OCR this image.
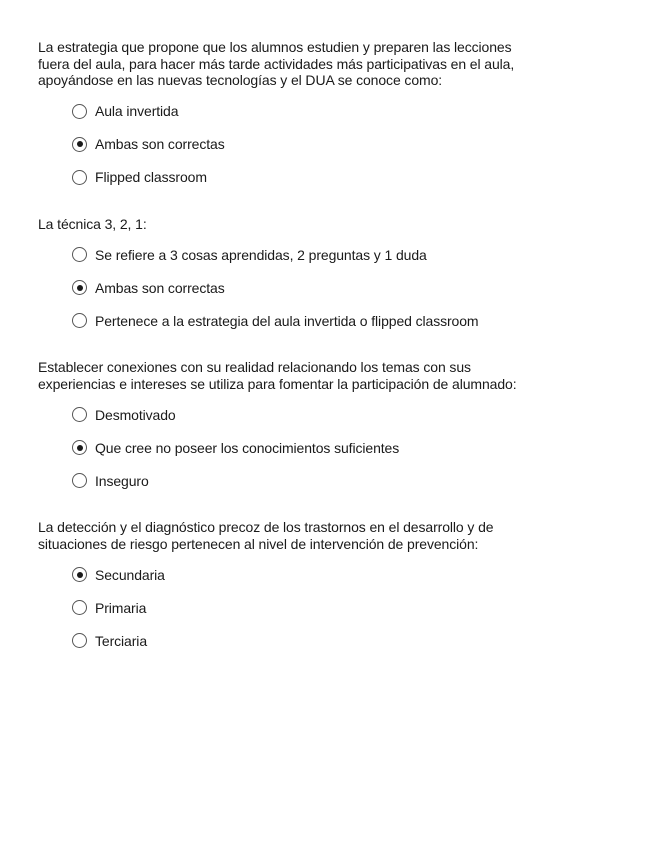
La estrategia que propone que los alumnos estudien y preparen las lecciones
fuera del aula, para hacer más tarde actividades más participativas en el aula,
apoyándose en las nuevas tecnologías y el DUA se conoce como:

Aula invertida
Ambas son correctas
Flipped classroom

La técnica 3, 2, 1:

Se refiere a 3 cosas aprendidas, 2 preguntas y 1 duda
Ambas son correctas
Pertenece a la estrategia del aula invertida o flipped classroom

Establecer conexiones con su realidad relacionando los temas con sus
experiencias e intereses se utiliza para fomentar la participación de alumnado:

Desmotivado
Que cree no poseer los conocimientos suficientes
Inseguro

La detección y el diagnóstico precoz de los trastornos en el desarrollo y de
situaciones de riesgo pertenecen al nivel de intervención de prevención:

Secundaria
Primaria
Terciaria
